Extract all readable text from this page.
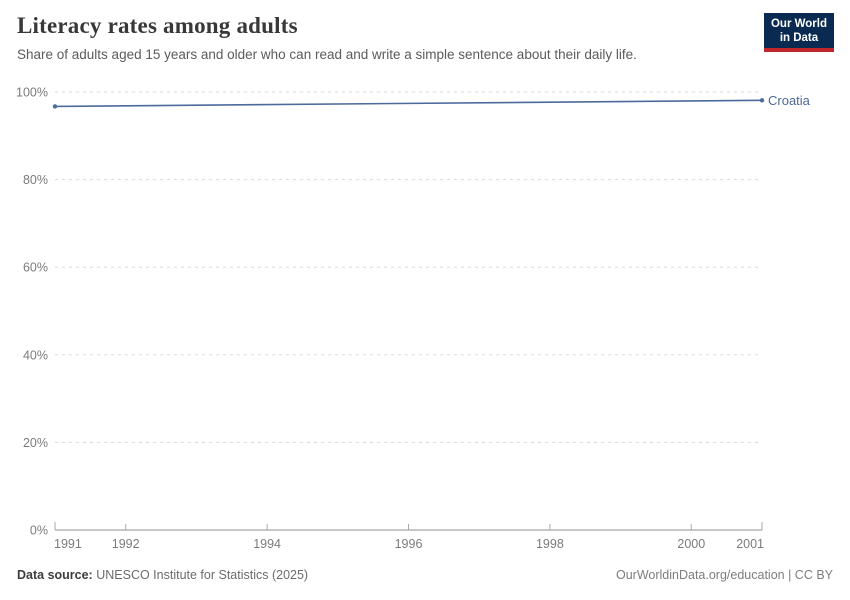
Literacy rates among adults

Share of adults aged 15 years and older who can read and write a simple sentence about their daily life.

Our World
in Data
0%
20%
40%
60%
80%
100%
1991 1992	1994	1996	1998	2000 2001
Croatia
Data source: UNESCO Institute for Statistics (2025)	OurWorldinData.org/education | CC BY
